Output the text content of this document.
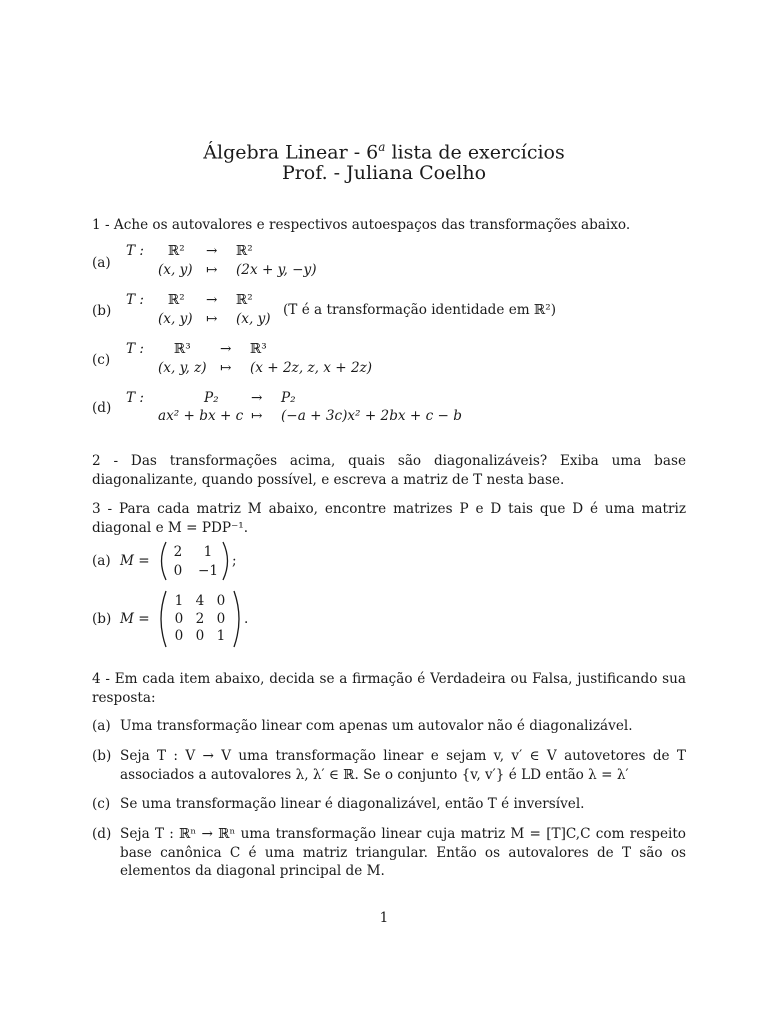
Álgebra Linear - 6$^a$ lista de exercícios
Prof. - Juliana Coelho
1 - Ache os autovalores e respectivos autoespaços das transformações abaixo.
(a)
T : ℝ² → ℝ²
(x, y) ↦ (2x + y, −y)
(b)
T : ℝ² → ℝ²
(x, y) ↦ (x, y)
(T é a transformação identidade em ℝ²)
(c)
T : ℝ³ → ℝ³
(x, y, z) ↦ (x + 2z, z, x + 2z)
(d)
T :	P₂ → P₂
ax² + bx + c ↦ (−a + 3c)x² + 2bx + c − b
2 - Das transformações acima, quais são diagonalizáveis? Exiba uma base diagonalizante, quando possível, e escreva a matriz de T nesta base.
3 - Para cada matriz M abaixo, encontre matrizes P e D tais que D é uma matriz diagonal e M = PDP⁻¹.
(a) M =
2	1
0	−1
;
(b) M =
1 4 0
0 2 0
0 0 1
.
4 - Em cada item abaixo, decida se a firmação é Verdadeira ou Falsa, justificando sua resposta:
(a) Uma transformação linear com apenas um autovalor não é diagonalizável.
(b) Seja T : V → V uma transformação linear e sejam v, v′ ∈ V autovetores de T associados a autovalores λ, λ′ ∈ ℝ. Se o conjunto {v, v′} é LD então λ = λ′
(c) Se uma transformação linear é diagonalizável, então T é inversível.
(d) Seja T : ℝⁿ → ℝⁿ uma transformação linear cuja matriz M = [T]C,C com respeito base canônica C é uma matriz triangular. Então os autovalores de T são os elementos da diagonal principal de M.
1
